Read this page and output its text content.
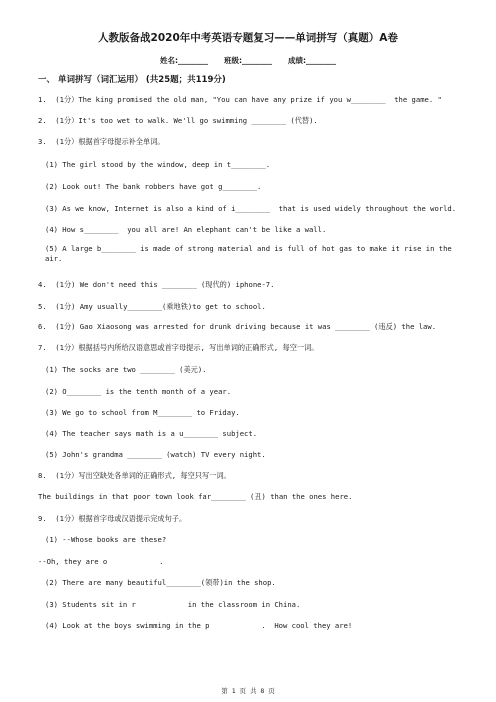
人教版备战2020年中考英语专题复习——单词拼写（真题）A卷
姓名:________ 班级:________ 成绩:________
一、 单词拼写（词汇运用） (共25题；共119分)
1.  (1分）The king promised the old man, "You can have any prize if you w________  the game. "
2.  (1分）It's too wet to walk. We'll go swimming ________ (代替).
3.  (1分）根据首字母提示补全单词。
(1) The girl stood by the window, deep in t________.
(2) Look out! The bank robbers have got g________.
(3) As we know, Internet is also a kind of i________  that is used widely throughout the world.
(4) How s________  you all are! An elephant can't be like a wall.
(5) A large b________ is made of strong material and is full of hot gas to make it rise in the air.
4.  (1分) We don't need this ________ (现代的) iphone-7.
5.  (1分) Amy usually________(乘地铁)to get to school.
6.  (1分) Gao Xiaosong was arrested for drunk driving because it was ________ (违反) the law.
7.  (1分）根据括号内所给汉语意思或首字母提示, 写出单词的正确形式, 每空一词。
(1) The socks are two ________ (美元).
(2) O________ is the tenth month of a year.
(3) We go to school from M________ to Friday.
(4) The teacher says math is a u________ subject.
(5) John's grandma ________ (watch) TV every night.
8.  (1分）写出空缺处各单词的正确形式, 每空只写一词。
The buildings in that poor town look far________ (丑) than the ones here.
9.  (1分）根据首字母或汉语提示完成句子。
(1) --Whose books are these?
--Oh, they are o            .
(2) There are many beautiful________(领带)in the shop.
(3) Students sit in r            in the classroom in China.
(4) Look at the boys swimming in the p            .  How cool they are!
第 1 页 共 8 页
